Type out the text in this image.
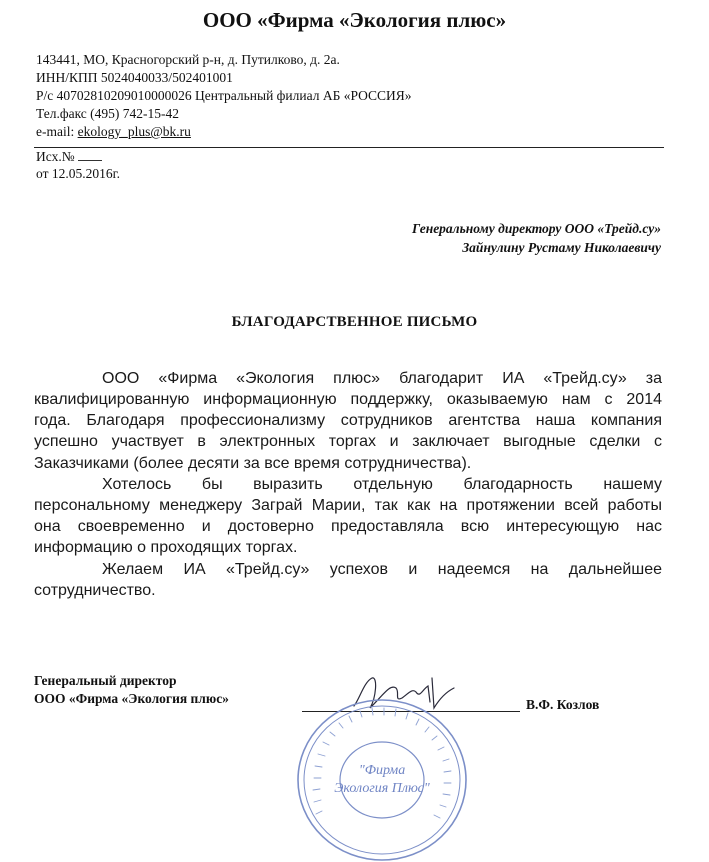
ООО «Фирма «Экология плюс»
143441, МО, Красногорский р-н, д. Путилково, д. 2а.
ИНН/КПП 5024040033/502401001
Р/с 40702810209010000026 Центральный филиал АБ «РОССИЯ»
Тел.факс (495) 742-15-42
e-mail: ekology_plus@bk.ru
Исх.№
от 12.05.2016г.
Генеральному директору ООО «Трейд.су»
Зайнулину Рустаму Николаевичу
БЛАГОДАРСТВЕННОЕ ПИСЬМО
ООО «Фирма «Экология плюс» благодарит ИА «Трейд.су» за
квалифицированную информационную поддержку, оказываемую нам с 2014
года. Благодаря профессионализму сотрудников агентства наша компания
успешно участвует в электронных торгах и заключает выгодные сделки с
Заказчиками (более десяти за все время сотрудничества).
Хотелось бы выразить отдельную благодарность нашему
персональному менеджеру Заграй Марии, так как на протяжении всей работы
она своевременно и достоверно предоставляла всю интересующую нас
информацию о проходящих торгах.
Желаем ИА «Трейд.су» успехов и надеемся на дальнейшее
сотрудничество.
Генеральный директор
ООО «Фирма «Экология плюс»	В.Ф. Козлов
"Фирма
Экология Плюс"
